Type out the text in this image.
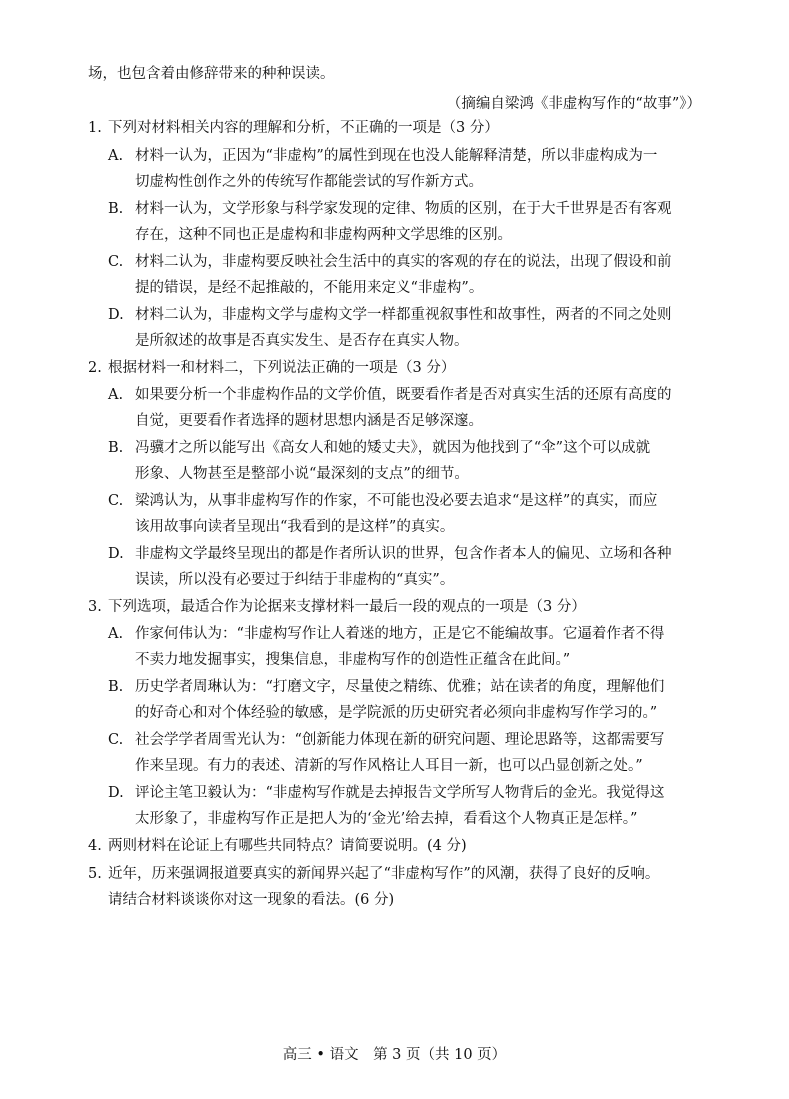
场，也包含着由修辞带来的种种误读。
（摘编自梁鸿《非虚构写作的“故事”》）
1. 下列对材料相关内容的理解和分析，不正确的一项是（3 分）
A. 材料一认为，正因为“非虚构”的属性到现在也没人能解释清楚，所以非虚构成为一
切虚构性创作之外的传统写作都能尝试的写作新方式。
B. 材料一认为，文学形象与科学家发现的定律、物质的区别，在于大千世界是否有客观
存在，这种不同也正是虚构和非虚构两种文学思维的区别。
C. 材料二认为，非虚构要反映社会生活中的真实的客观的存在的说法，出现了假设和前
提的错误，是经不起推敲的，不能用来定义“非虚构”。
D. 材料二认为，非虚构文学与虚构文学一样都重视叙事性和故事性，两者的不同之处则
是所叙述的故事是否真实发生、是否存在真实人物。
2. 根据材料一和材料二，下列说法正确的一项是（3 分）
A. 如果要分析一个非虚构作品的文学价值，既要看作者是否对真实生活的还原有高度的
自觉，更要看作者选择的题材思想内涵是否足够深邃。
B. 冯骥才之所以能写出《高女人和她的矮丈夫》，就因为他找到了“伞”这个可以成就
形象、人物甚至是整部小说“最深刻的支点”的细节。
C. 梁鸿认为，从事非虚构写作的作家，不可能也没必要去追求“是这样”的真实，而应
该用故事向读者呈现出“我看到的是这样”的真实。
D. 非虚构文学最终呈现出的都是作者所认识的世界，包含作者本人的偏见、立场和各种
误读，所以没有必要过于纠结于非虚构的“真实”。
3. 下列选项，最适合作为论据来支撑材料一最后一段的观点的一项是（3 分）
A. 作家何伟认为：“非虚构写作让人着迷的地方，正是它不能编故事。它逼着作者不得
不卖力地发掘事实，搜集信息，非虚构写作的创造性正蕴含在此间。”
B. 历史学者周琳认为：“打磨文字，尽量使之精练、优雅；站在读者的角度，理解他们
的好奇心和对个体经验的敏感，是学院派的历史研究者必须向非虚构写作学习的。”
C. 社会学学者周雪光认为：“创新能力体现在新的研究问题、理论思路等，这都需要写
作来呈现。有力的表述、清新的写作风格让人耳目一新，也可以凸显创新之处。”
D. 评论主笔卫毅认为：“非虚构写作就是去掉报告文学所写人物背后的金光。我觉得这
太形象了，非虚构写作正是把人为的‘金光’给去掉，看看这个人物真正是怎样。”
4. 两则材料在论证上有哪些共同特点？请简要说明。(4 分)
5. 近年，历来强调报道要真实的新闻界兴起了“非虚构写作”的风潮，获得了良好的反响。
请结合材料谈谈你对这一现象的看法。(6 分)
高三 • 语文　第 3 页（共 10 页）
